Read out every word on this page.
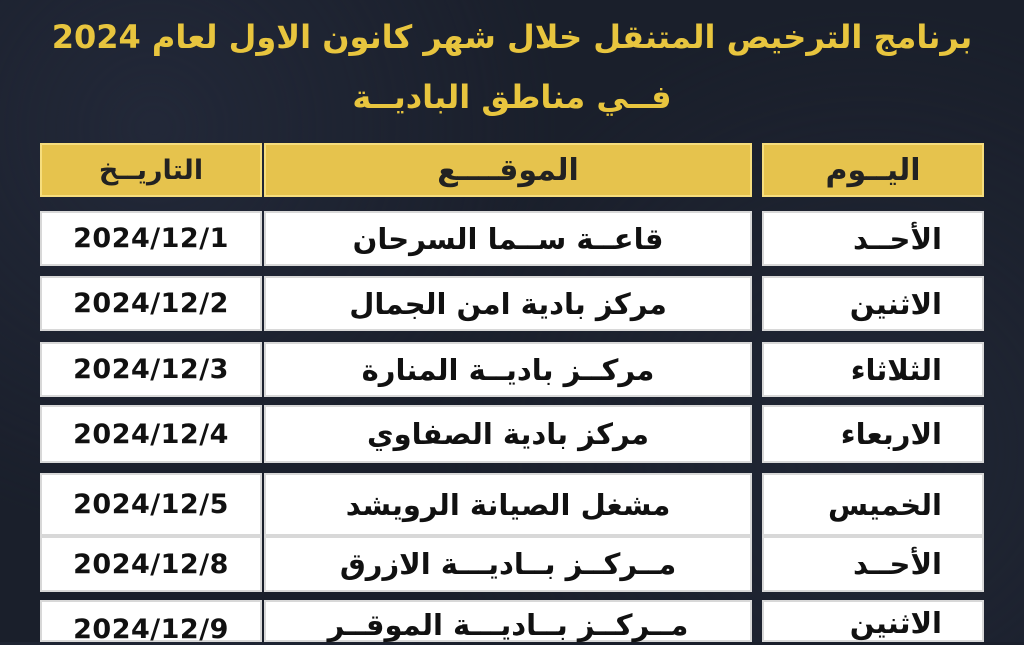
برنامج الترخيص المتنقل خلال شهر كانون الاول لعام 2024
فــي مناطق الباديــة
التاريــخ	الموقــــع	اليــوم
2024/12/1	قاعــة ســما السرحان	الأحــد
2024/12/2	مركز بادية امن الجمال	الاثنين
2024/12/3	مركــز باديــة المنارة	الثلاثاء
2024/12/4	مركز بادية الصفاوي	الاربعاء
2024/12/5	مشغل الصيانة الرويشد	الخميس
2024/12/8	مــركــز بــاديـــة الازرق	الأحــد
2024/12/9	مــركــز بــاديـــة الموقــر	الاثنين
